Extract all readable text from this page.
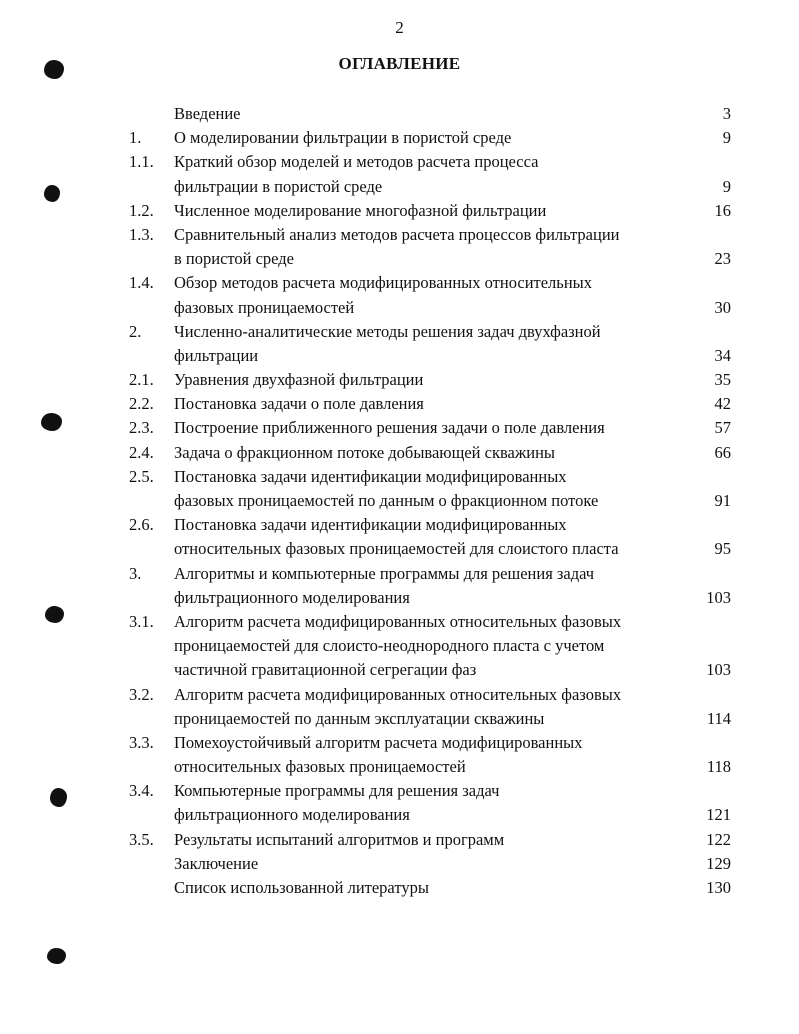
2
ОГЛАВЛЕНИЕ
Введение	3
1. О моделировании фильтрации в пористой среде	9
1.1. Краткий обзор моделей и методов расчета процесса
фильтрации в пористой среде	9
1.2. Численное моделирование многофазной фильтрации	16
1.3. Сравнительный анализ методов расчета процессов фильтрации
в пористой среде	23
1.4. Обзор методов расчета модифицированных относительных
фазовых проницаемостей	30
2. Численно-аналитические методы решения задач двухфазной
фильтрации	34
2.1. Уравнения двухфазной фильтрации	35
2.2. Постановка задачи о поле давления	42
2.3. Построение приближенного решения задачи о поле давления	57
2.4. Задача о фракционном потоке добывающей скважины	66
2.5. Постановка задачи идентификации модифицированных
фазовых проницаемостей по данным о фракционном потоке	91
2.6. Постановка задачи идентификации модифицированных
относительных фазовых проницаемостей для слоистого пласта	95
3. Алгоритмы и компьютерные программы для решения задач
фильтрационного моделирования	103
3.1. Алгоритм расчета модифицированных относительных фазовых
проницаемостей для слоисто-неоднородного пласта с учетом
частичной гравитационной сегрегации фаз	103
3.2. Алгоритм расчета модифицированных относительных фазовых
проницаемостей по данным эксплуатации скважины	114
3.3. Помехоустойчивый алгоритм расчета модифицированных
относительных фазовых проницаемостей	118
3.4. Компьютерные программы для решения задач
фильтрационного моделирования	121
3.5. Результаты испытаний алгоритмов и программ	122
Заключение	129
Список использованной литературы	130
